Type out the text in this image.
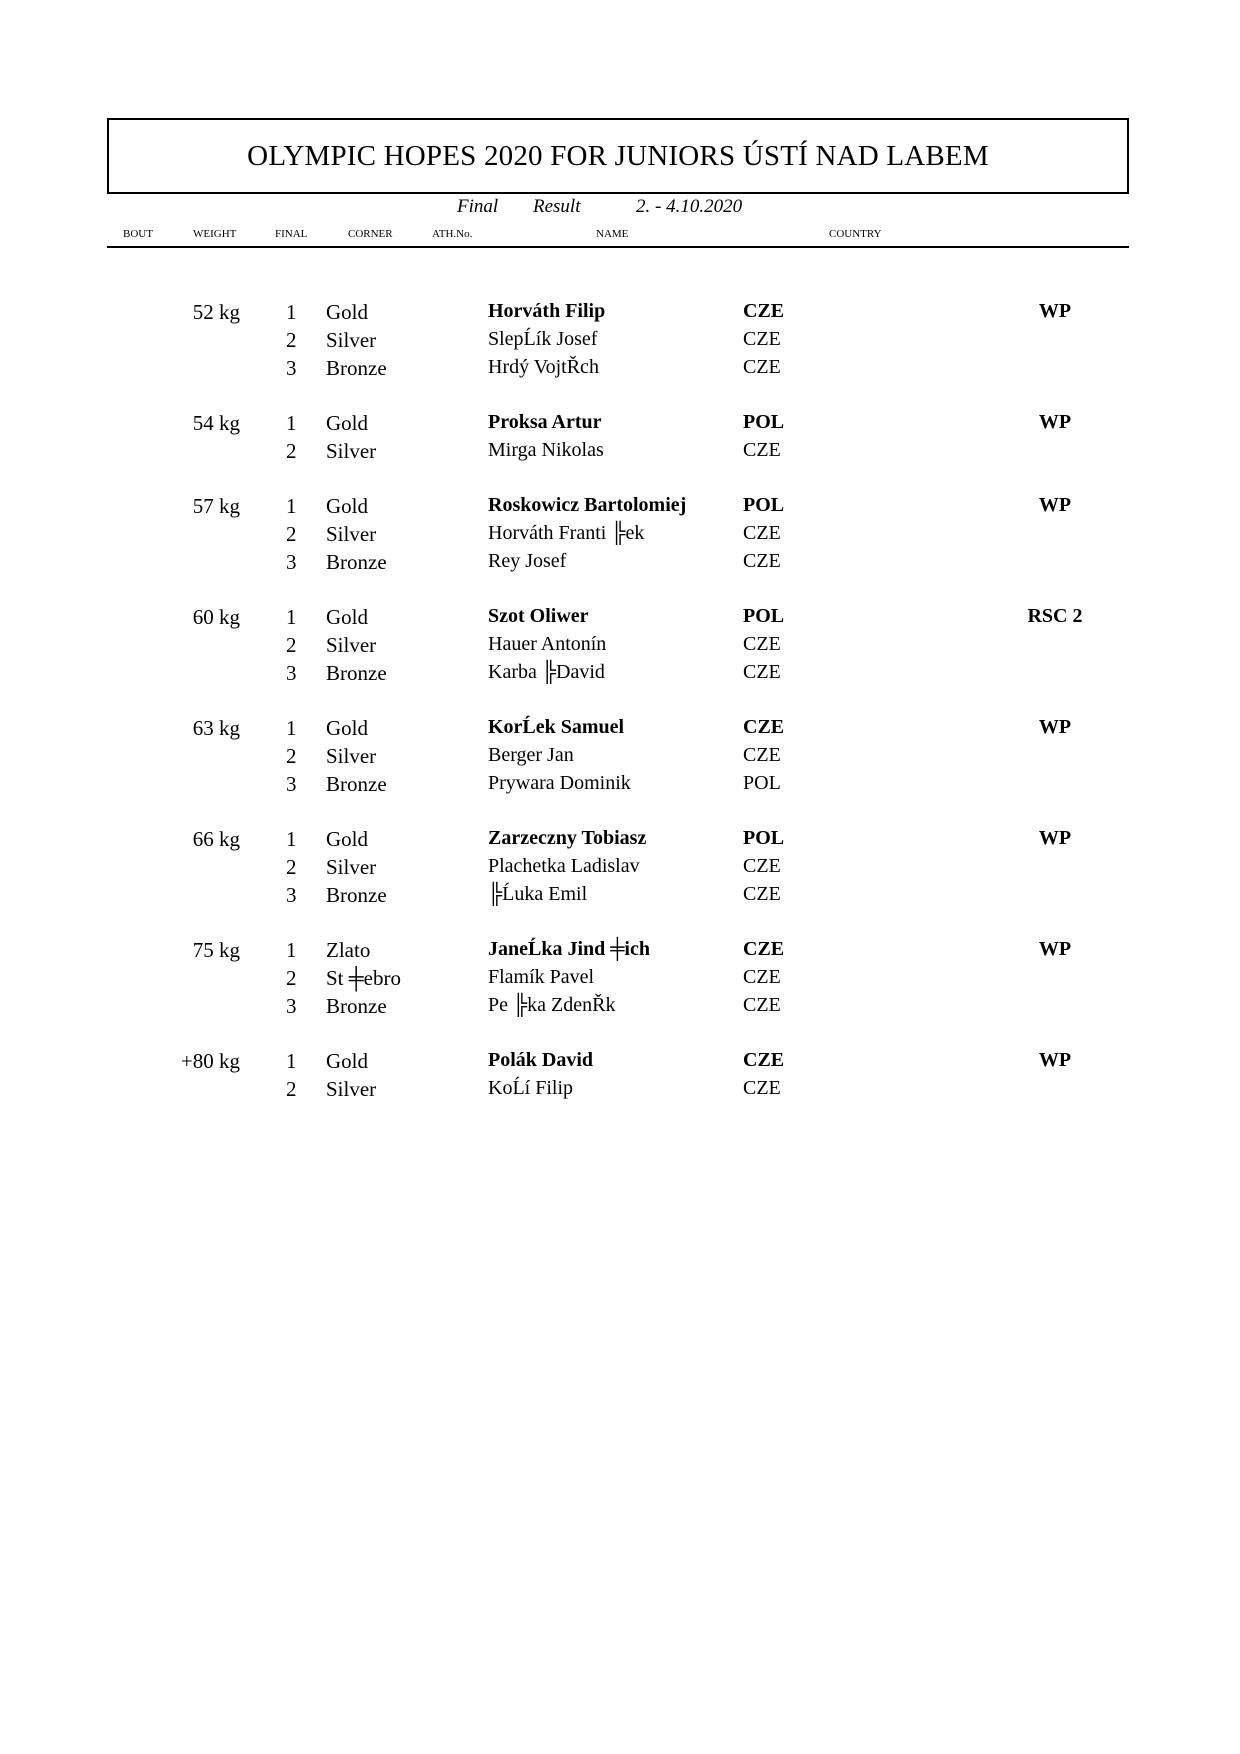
OLYMPIC HOPES 2020 FOR JUNIORS ÚSTÍ NAD LABEM
Final Result	2. - 4.10.2020
BOUT	WEIGHT	FINAL	CORNER	ATH.No.	NAME	COUNTRY
52 kg 1 Gold	Horváth Filip	CZE	WP
2 Silver	SlepĹík Josef	CZE
3 Bronze	Hrdý VojtŘch	CZE
54 kg 1 Gold	Proksa Artur	POL	WP
2 Silver	Mirga Nikolas	CZE
57 kg 1 Gold	Roskowicz Bartolomiej	POL	WP
2 Silver	Horváth Franti ╠ek	CZE
3 Bronze	Rey Josef	CZE
60 kg 1 Gold	Szot Oliwer	POL	RSC 2
2 Silver	Hauer Antonín	CZE
3 Bronze	Karba ╠David	CZE
63 kg 1 Gold	KorĹek Samuel	CZE	WP
2 Silver	Berger Jan	CZE
3 Bronze	Prywara Dominik	POL
66 kg 1 Gold	Zarzeczny Tobiasz	POL	WP
2 Silver	Plachetka Ladislav	CZE
3 Bronze	╠Ĺuka Emil	CZE
75 kg 1 Zlato	JaneĹka Jind ╪ich	CZE	WP
2 St ╪ebro	Flamík Pavel	CZE
3 Bronze	Pe ╠ka ZdenŘk	CZE
+80 kg 1 Gold	Polák David	CZE	WP
2 Silver	KoĹí Filip	CZE
